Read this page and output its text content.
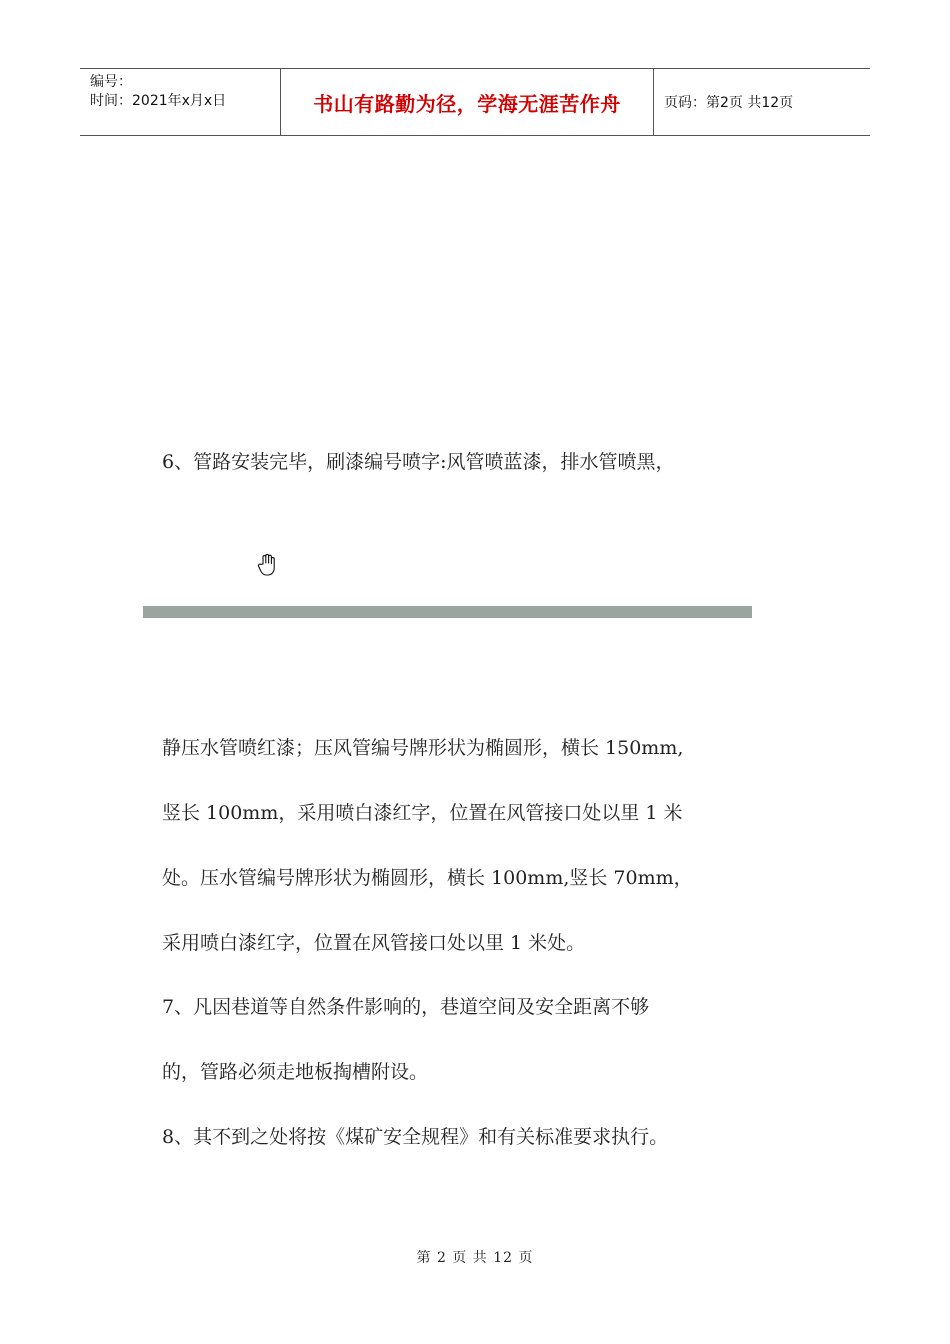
编号：
时间：2021年x月x日	书山有路勤为径，学海无涯苦作舟	页码：第2页 共12页

6、管路安装完毕，刷漆编号喷字:风管喷蓝漆，排水管喷黑，

静压水管喷红漆；压风管编号牌形状为椭圆形，横长 150mm,

竖长 100mm，采用喷白漆红字，位置在风管接口处以里 1 米

处。压水管编号牌形状为椭圆形，横长 100mm,竖长 70mm，

采用喷白漆红字，位置在风管接口处以里 1 米处。

7、凡因巷道等自然条件影响的，巷道空间及安全距离不够

的，管路必须走地板掏槽附设。

8、其不到之处将按《煤矿安全规程》和有关标准要求执行。

第 2 页 共 12 页
